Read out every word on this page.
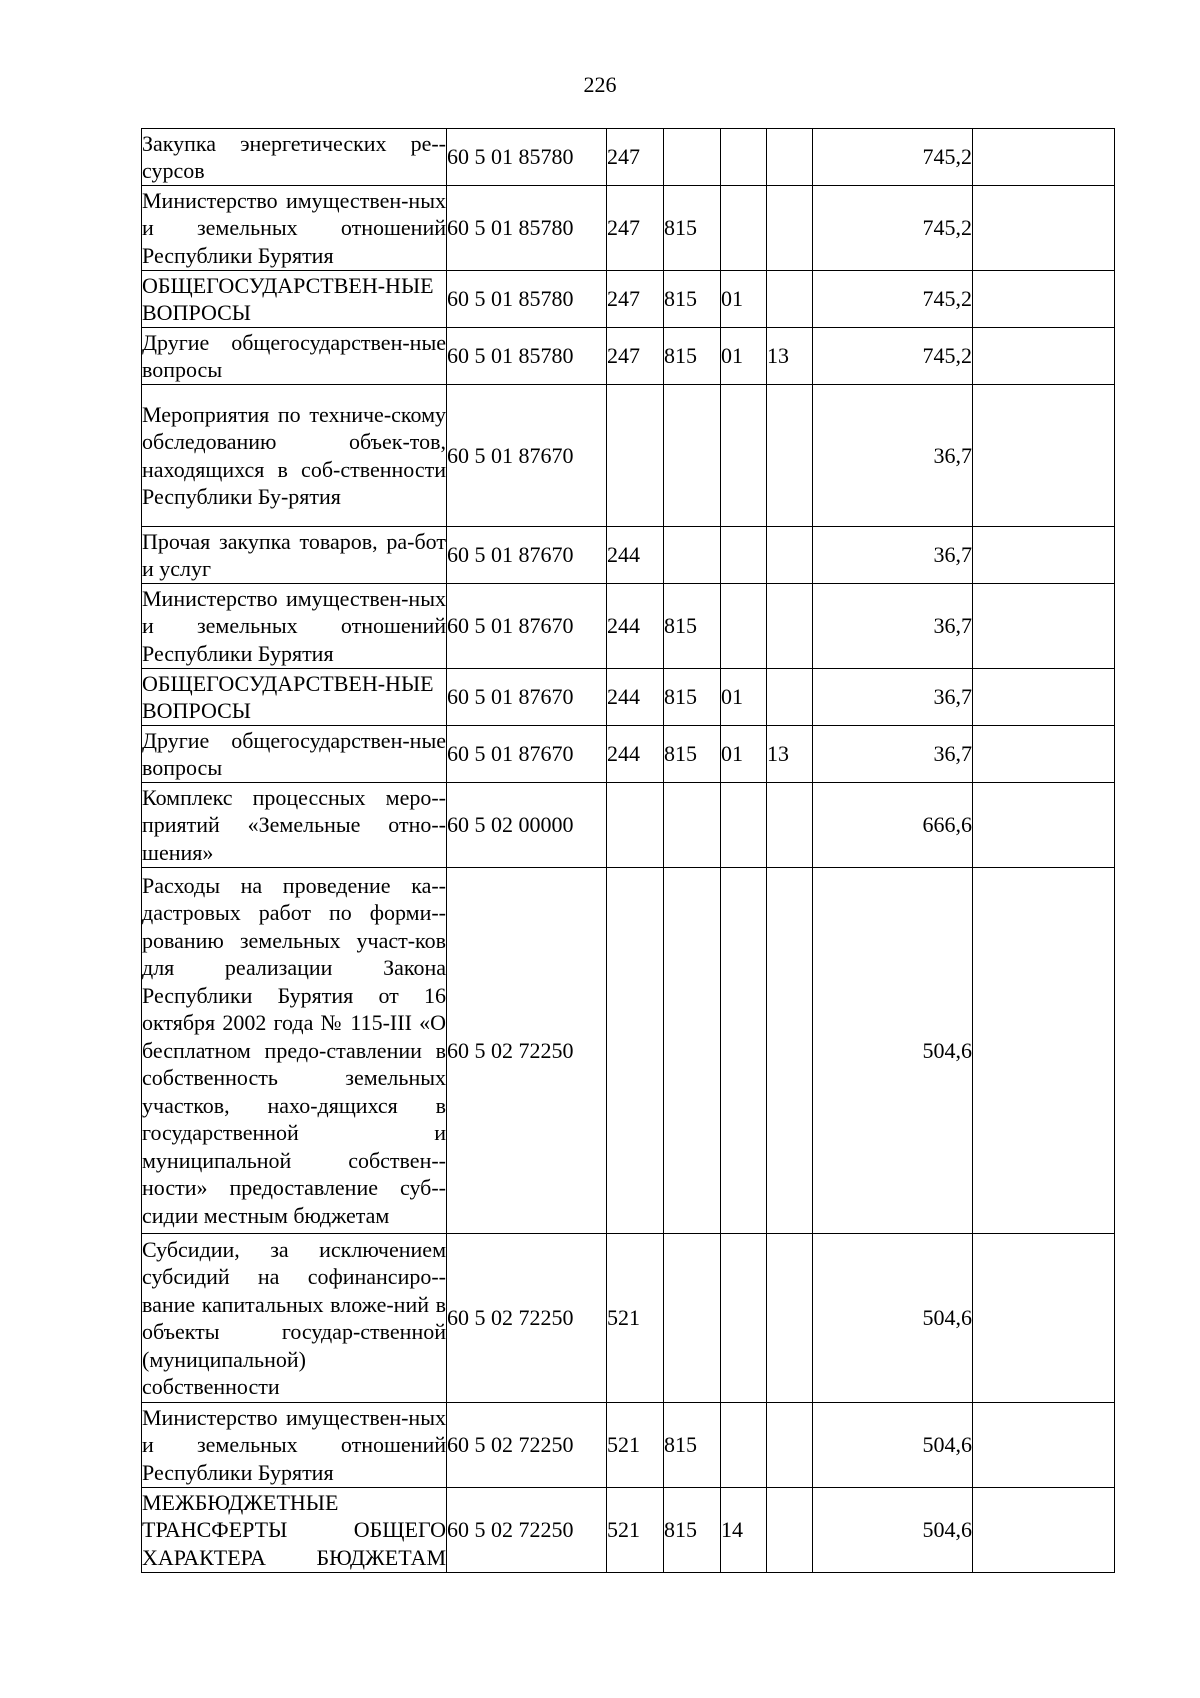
226
Закупка энергетических ре-сурсов	60 5 01 85780	247				745,2	
Министерство имуществен-ных и земельных отношений Республики Бурятия	60 5 01 85780	247	815			745,2	
ОБЩЕГОСУДАРСТВЕН-НЫЕ ВОПРОСЫ	60 5 01 85780	247	815	01		745,2	
Другие общегосударствен-ные вопросы	60 5 01 85780	247	815	01	13	745,2	
Мероприятия по техниче-скому обследованию объек-тов, находящихся в соб-ственности Республики Бу-рятия	60 5 01 87670					36,7	
Прочая закупка товаров, ра-бот и услуг	60 5 01 87670	244				36,7	
Министерство имуществен-ных и земельных отношений Республики Бурятия	60 5 01 87670	244	815			36,7	
ОБЩЕГОСУДАРСТВЕН-НЫЕ ВОПРОСЫ	60 5 01 87670	244	815	01		36,7	
Другие общегосударствен-ные вопросы	60 5 01 87670	244	815	01	13	36,7	
Комплекс процессных меро-приятий «Земельные отно-шения»	60 5 02 00000					666,6	
Расходы на проведение ка-дастровых работ по форми-рованию земельных участ-ков для реализации Закона Республики Бурятия от 16 октября 2002 года № 115-III «О бесплатном предо-ставлении в собственность земельных участков, нахо-дящихся в государственной и муниципальной собствен-ности» предоставление суб-сидии местным бюджетам	60 5 02 72250					504,6	
Субсидии, за исключением субсидий на софинансиро-вание капитальных вложе-ний в объекты государ-ственной (муниципальной) собственности	60 5 02 72250	521				504,6	
Министерство имуществен-ных и земельных отношений Республики Бурятия	60 5 02 72250	521	815			504,6	
МЕЖБЮДЖЕТНЫЕ ТРАНСФЕРТЫ ОБЩЕГО ХАРАКТЕРА БЮДЖЕТАМ	60 5 02 72250	521	815	14		504,6	
